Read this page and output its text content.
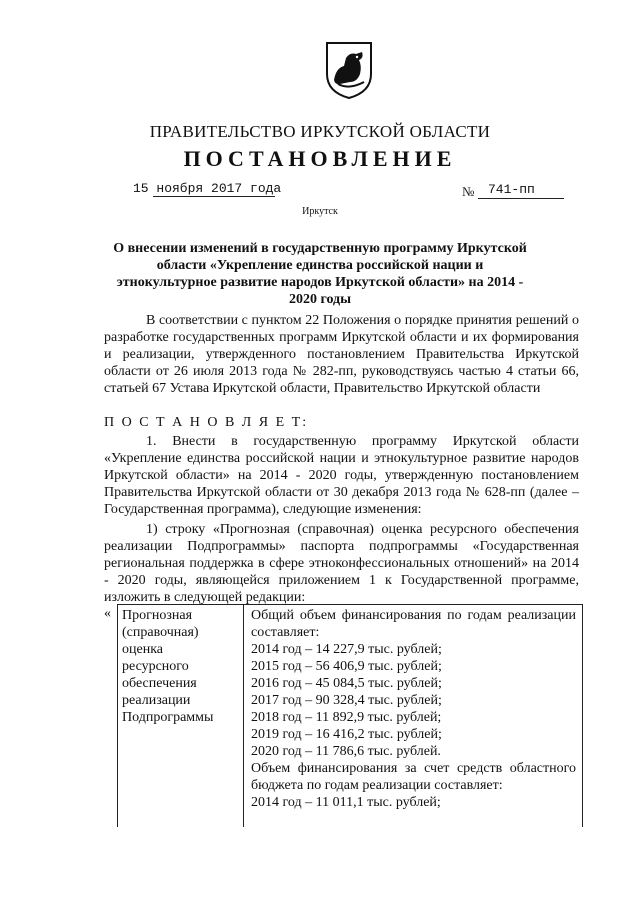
ПРАВИТЕЛЬСТВО ИРКУТСКОЙ ОБЛАСТИ
ПОСТАНОВЛЕНИЕ
15 ноября 2017 года	№ 741-пп
Иркутск
О внесении изменений в государственную программу Иркутской области «Укрепление единства российской нации и этнокультурное развитие народов Иркутской области» на 2014 - 2020 годы
В соответствии с пунктом 22 Положения о порядке принятия решений о разработке государственных программ Иркутской области и их формирования и реализации, утвержденного постановлением Правительства Иркутской области от 26 июля 2013 года № 282-пп, руководствуясь частью 4 статьи 66, статьей 67 Устава Иркутской области, Правительство Иркутской области
П О С Т А Н О В Л Я Е Т:
1. Внести в государственную программу Иркутской области «Укрепление единства российской нации и этнокультурное развитие народов Иркутской области» на 2014 - 2020 годы, утвержденную постановлением Правительства Иркутской области от 30 декабря 2013 года № 628-пп (далее – Государственная программа), следующие изменения:
1) строку «Прогнозная (справочная) оценка ресурсного обеспечения реализации Подпрограммы» паспорта подпрограммы «Государственная региональная поддержка в сфере этноконфессиональных отношений» на 2014 - 2020 годы, являющейся приложением 1 к Государственной программе, изложить в следующей редакции:
« Прогнозная
(справочная)
оценка
ресурсного
обеспечения
реализации
Подпрограммы
Общий объем финансирования по годам реализации составляет:
2014 год – 14 227,9 тыс. рублей;
2015 год – 56 406,9 тыс. рублей;
2016 год – 45 084,5 тыс. рублей;
2017 год – 90 328,4 тыс. рублей;
2018 год – 11 892,9 тыс. рублей;
2019 год – 16 416,2 тыс. рублей;
2020 год – 11 786,6 тыс. рублей.
Объем финансирования за счет средств областного бюджета по годам реализации составляет:
2014 год – 11 011,1 тыс. рублей;
